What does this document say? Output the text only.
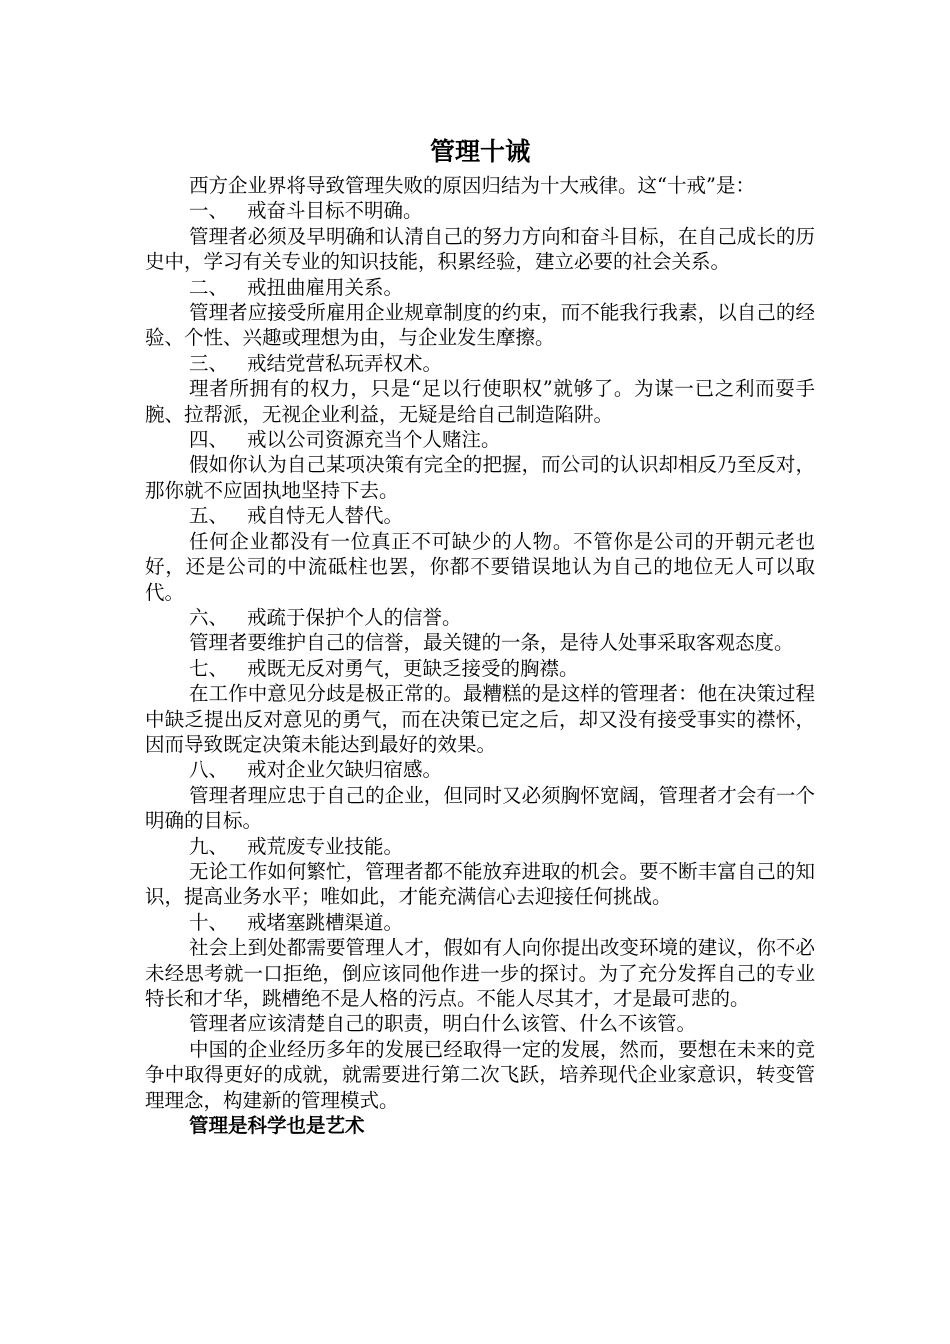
管理十诫

西方企业界将导致管理失败的原因归结为十大戒律。这“十戒”是：

一、 戒奋斗目标不明确。

管理者必须及早明确和认清自己的努力方向和奋斗目标，在自己成长的历史中，学习有关专业的知识技能，积累经验，建立必要的社会关系。

二、 戒扭曲雇用关系。

管理者应接受所雇用企业规章制度的约束，而不能我行我素，以自己的经验、个性、兴趣或理想为由，与企业发生摩擦。

三、 戒结党营私玩弄权术。

理者所拥有的权力，只是“足以行使职权”就够了。为谋一已之利而耍手腕、拉帮派，无视企业利益，无疑是给自己制造陷阱。

四、 戒以公司资源充当个人赌注。

假如你认为自己某项决策有完全的把握，而公司的认识却相反乃至反对，那你就不应固执地坚持下去。

五、 戒自恃无人替代。

任何企业都没有一位真正不可缺少的人物。不管你是公司的开朝元老也好，还是公司的中流砥柱也罢，你都不要错误地认为自己的地位无人可以取代。

六、 戒疏于保护个人的信誉。

管理者要维护自己的信誉，最关键的一条，是待人处事采取客观态度。

七、 戒既无反对勇气，更缺乏接受的胸襟。

在工作中意见分歧是极正常的。最糟糕的是这样的管理者：他在决策过程中缺乏提出反对意见的勇气，而在决策已定之后，却又没有接受事实的襟怀，因而导致既定决策未能达到最好的效果。

八、 戒对企业欠缺归宿感。

管理者理应忠于自己的企业，但同时又必须胸怀宽阔，管理者才会有一个明确的目标。

九、 戒荒废专业技能。

无论工作如何繁忙，管理者都不能放弃进取的机会。要不断丰富自己的知识，提高业务水平；唯如此，才能充满信心去迎接任何挑战。

十、 戒堵塞跳槽渠道。

社会上到处都需要管理人才，假如有人向你提出改变环境的建议，你不必未经思考就一口拒绝，倒应该同他作进一步的探讨。为了充分发挥自己的专业特长和才华，跳槽绝不是人格的污点。不能人尽其才，才是最可悲的。

管理者应该清楚自己的职责，明白什么该管、什么不该管。

中国的企业经历多年的发展已经取得一定的发展，然而，要想在未来的竞争中取得更好的成就，就需要进行第二次飞跃，培养现代企业家意识，转变管理理念，构建新的管理模式。

管理是科学也是艺术
